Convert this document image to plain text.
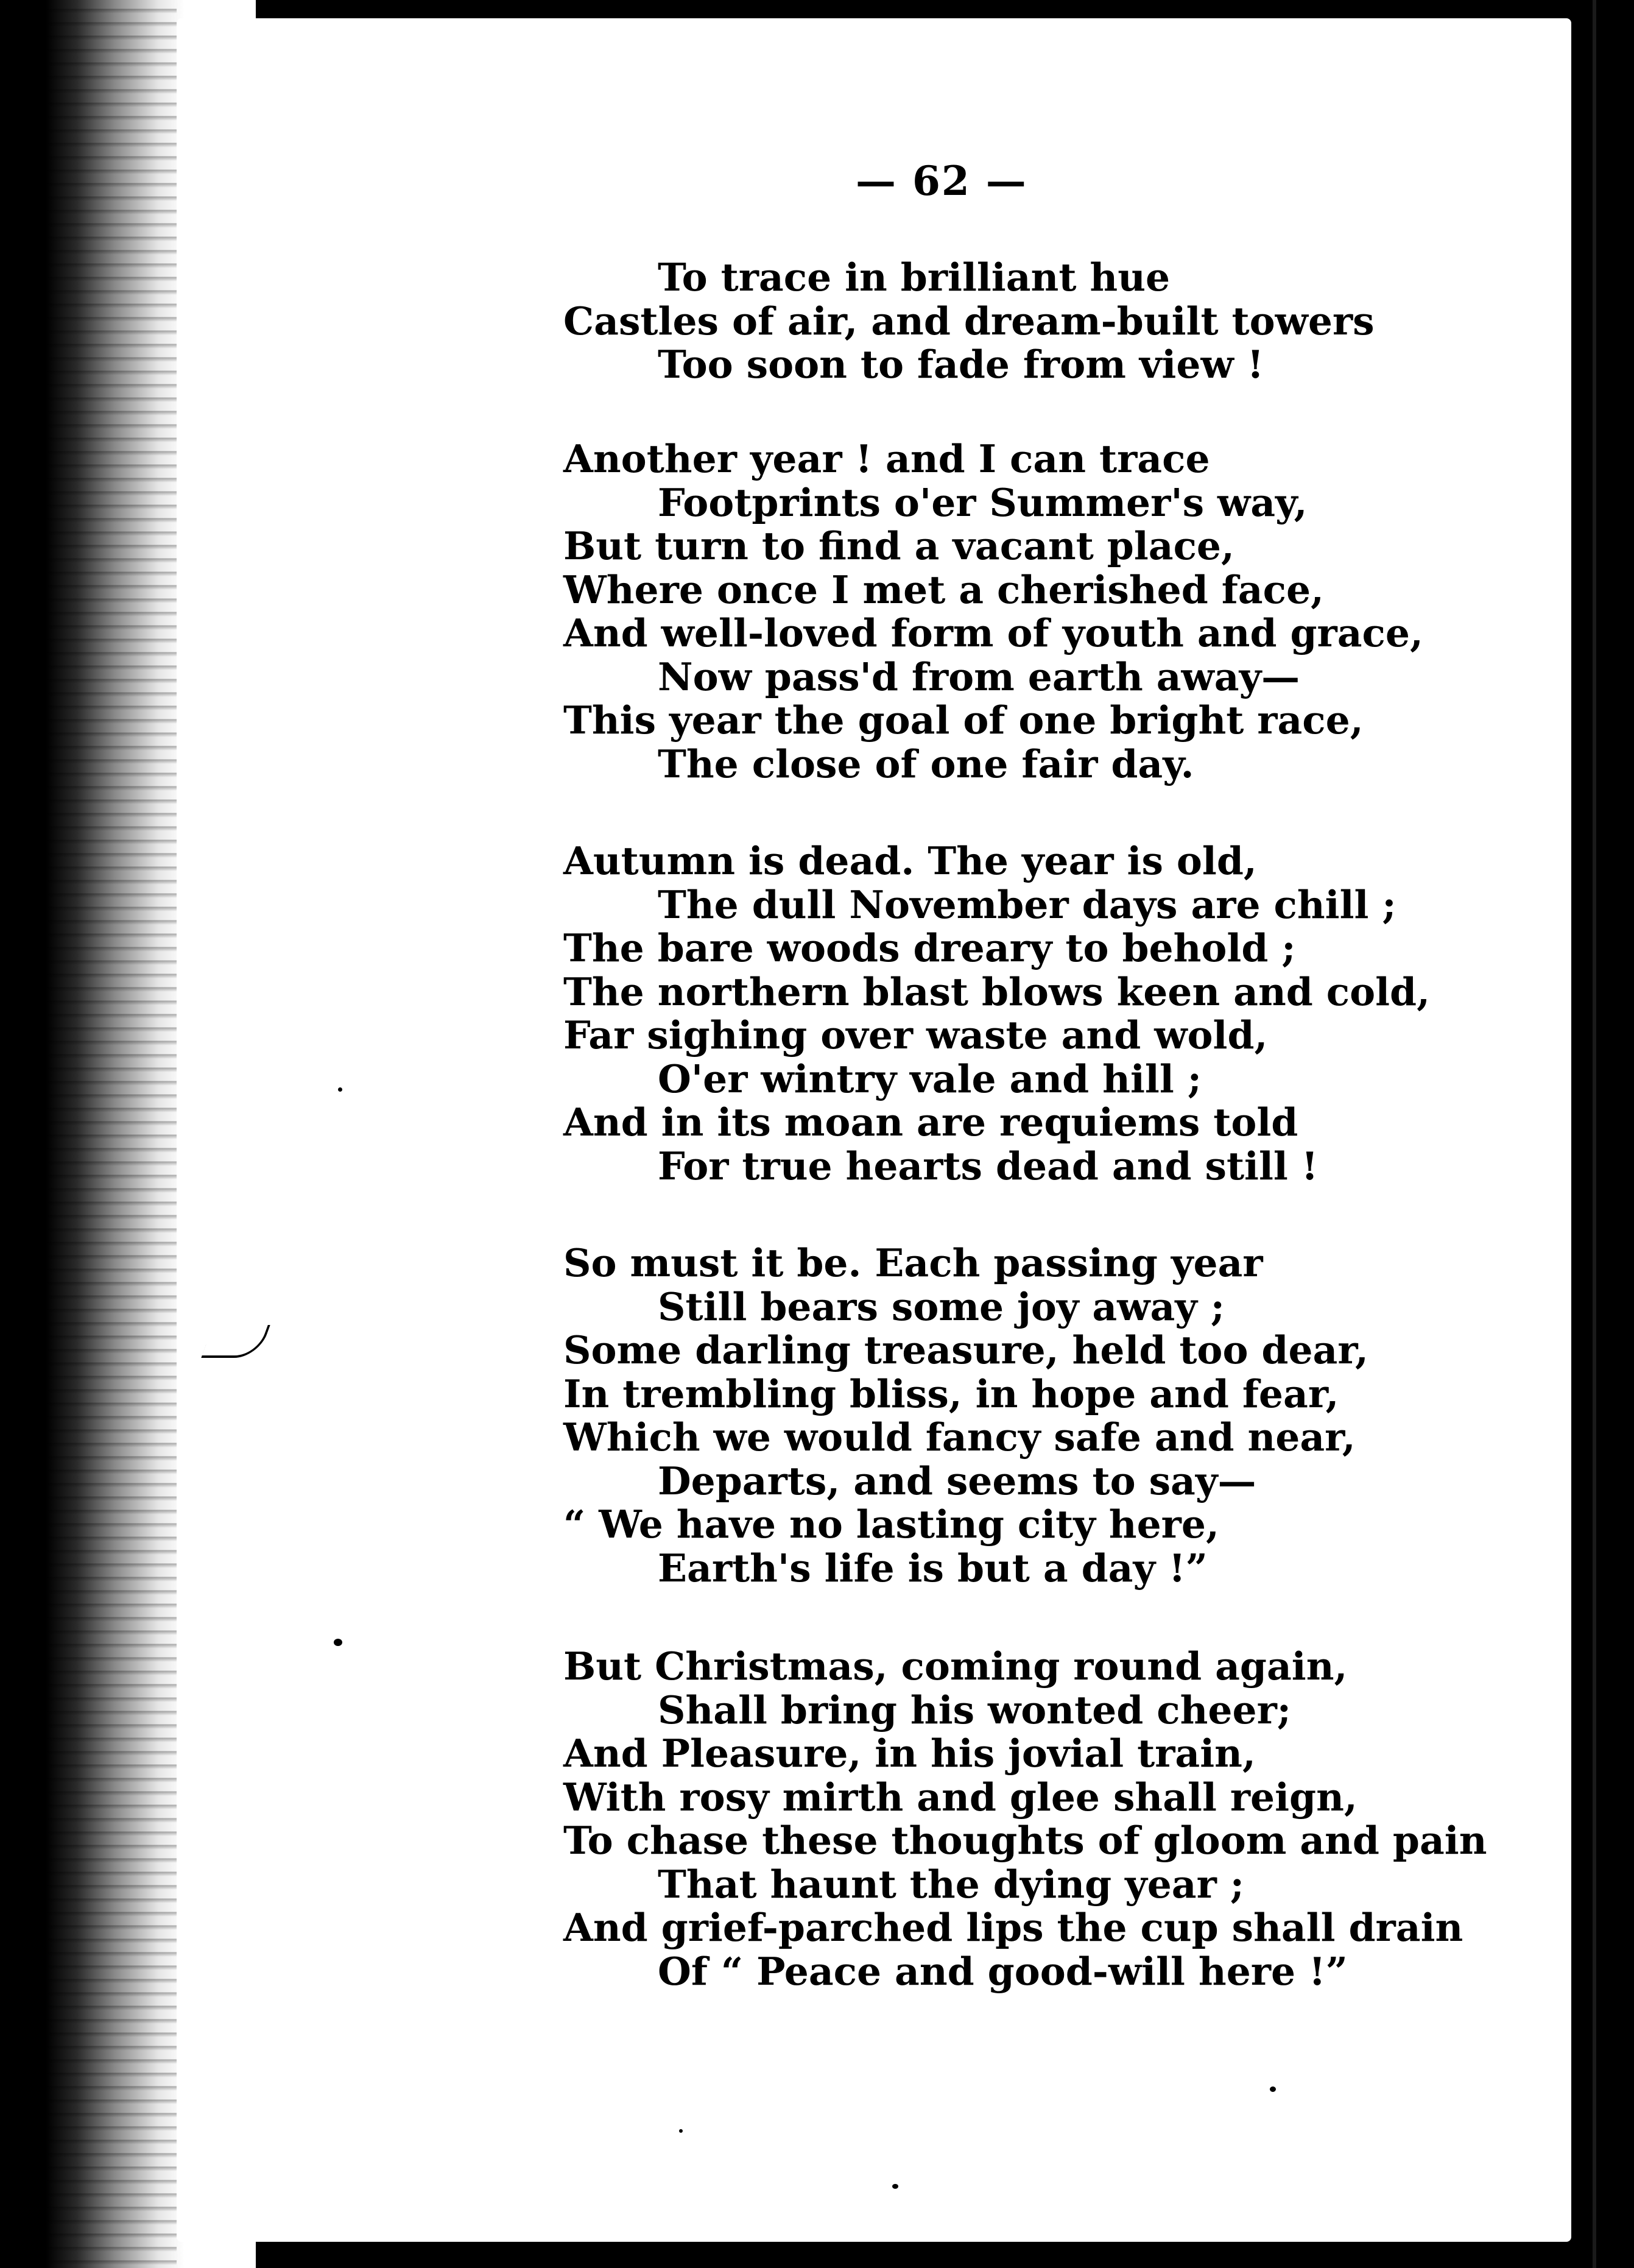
— 62 —
To trace in brilliant hue
Castles of air, and dream-built towers
Too soon to fade from view !
Another year ! and I can trace
Footprints o'er Summer's way,
But turn to find a vacant place,
Where once I met a cherished face,
And well-loved form of youth and grace,
Now pass'd from earth away—
This year the goal of one bright race,
The close of one fair day.
Autumn is dead. The year is old,
The dull November days are chill ;
The bare woods dreary to behold ;
The northern blast blows keen and cold,
Far sighing over waste and wold,
O'er wintry vale and hill ;
And in its moan are requiems told
For true hearts dead and still !
So must it be. Each passing year
Still bears some joy away ;
Some darling treasure, held too dear,
In trembling bliss, in hope and fear,
Which we would fancy safe and near,
Departs, and seems to say—
“ We have no lasting city here,
Earth's life is but a day !”
But Christmas, coming round again,
Shall bring his wonted cheer;
And Pleasure, in his jovial train,
With rosy mirth and glee shall reign,
To chase these thoughts of gloom and pain
That haunt the dying year ;
And grief-parched lips the cup shall drain
Of “ Peace and good-will here !”
